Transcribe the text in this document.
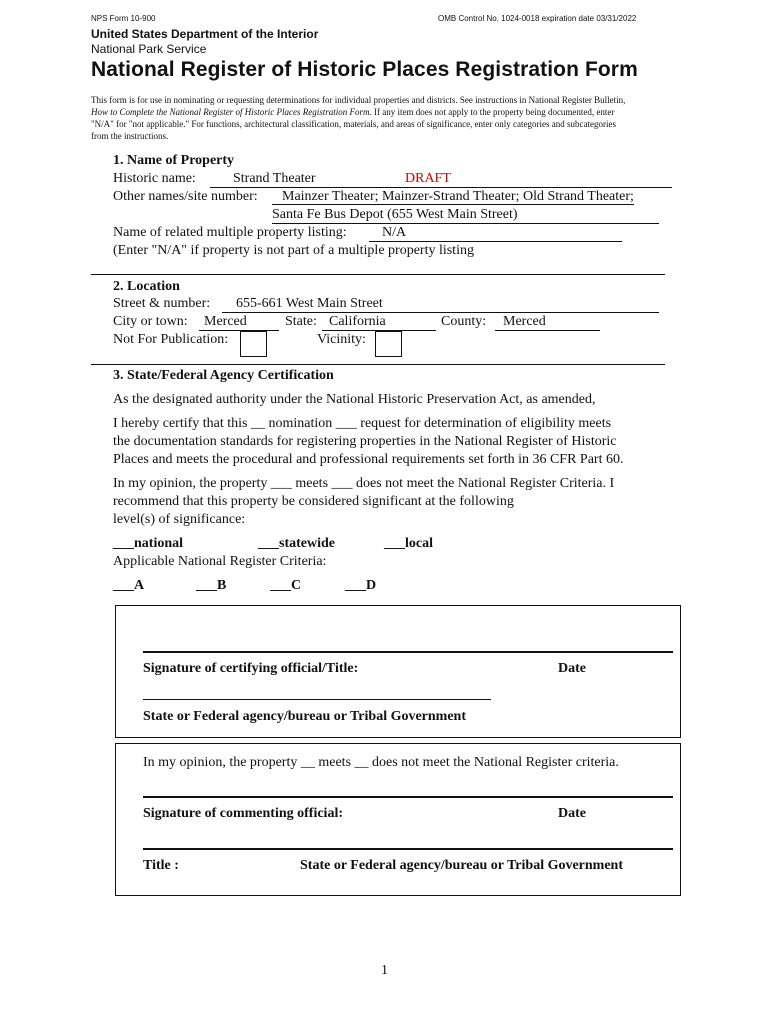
NPS Form 10-900	OMB Control No. 1024-0018 expiration date 03/31/2022
United States Department of the Interior
National Park Service
National Register of Historic Places Registration Form
This form is for use in nominating or requesting determinations for individual properties and districts. See instructions in National Register Bulletin,
How to Complete the National Register of Historic Places Registration Form. If any item does not apply to the property being documented, enter
"N/A" for "not applicable." For functions, architectural classification, materials, and areas of significance, enter only categories and subcategories
from the instructions.
1. Name of Property
Historic name:	Strand Theater	DRAFT
Other names/site number:	Mainzer Theater; Mainzer-Strand Theater; Old Strand Theater;
Santa Fe Bus Depot (655 West Main Street)
Name of related multiple property listing:	N/A
(Enter "N/A" if property is not part of a multiple property listing
2. Location
Street & number:	655-661 West Main Street
City or town:	Merced	State: California	County:	Merced
Not For Publication:	Vicinity:
3. State/Federal Agency Certification
As the designated authority under the National Historic Preservation Act, as amended,
I hereby certify that this __ nomination ___ request for determination of eligibility meets
the documentation standards for registering properties in the National Register of Historic
Places and meets the procedural and professional requirements set forth in 36 CFR Part 60.
In my opinion, the property ___ meets ___ does not meet the National Register Criteria. I
recommend that this property be considered significant at the following
level(s) of significance:
___national	___statewide	___local
Applicable National Register Criteria:
___A	___B	___C	___D
Signature of certifying official/Title:	Date
State or Federal agency/bureau or Tribal Government
In my opinion, the property __ meets __ does not meet the National Register criteria.
Signature of commenting official:	Date
Title :	State or Federal agency/bureau or Tribal Government
1
